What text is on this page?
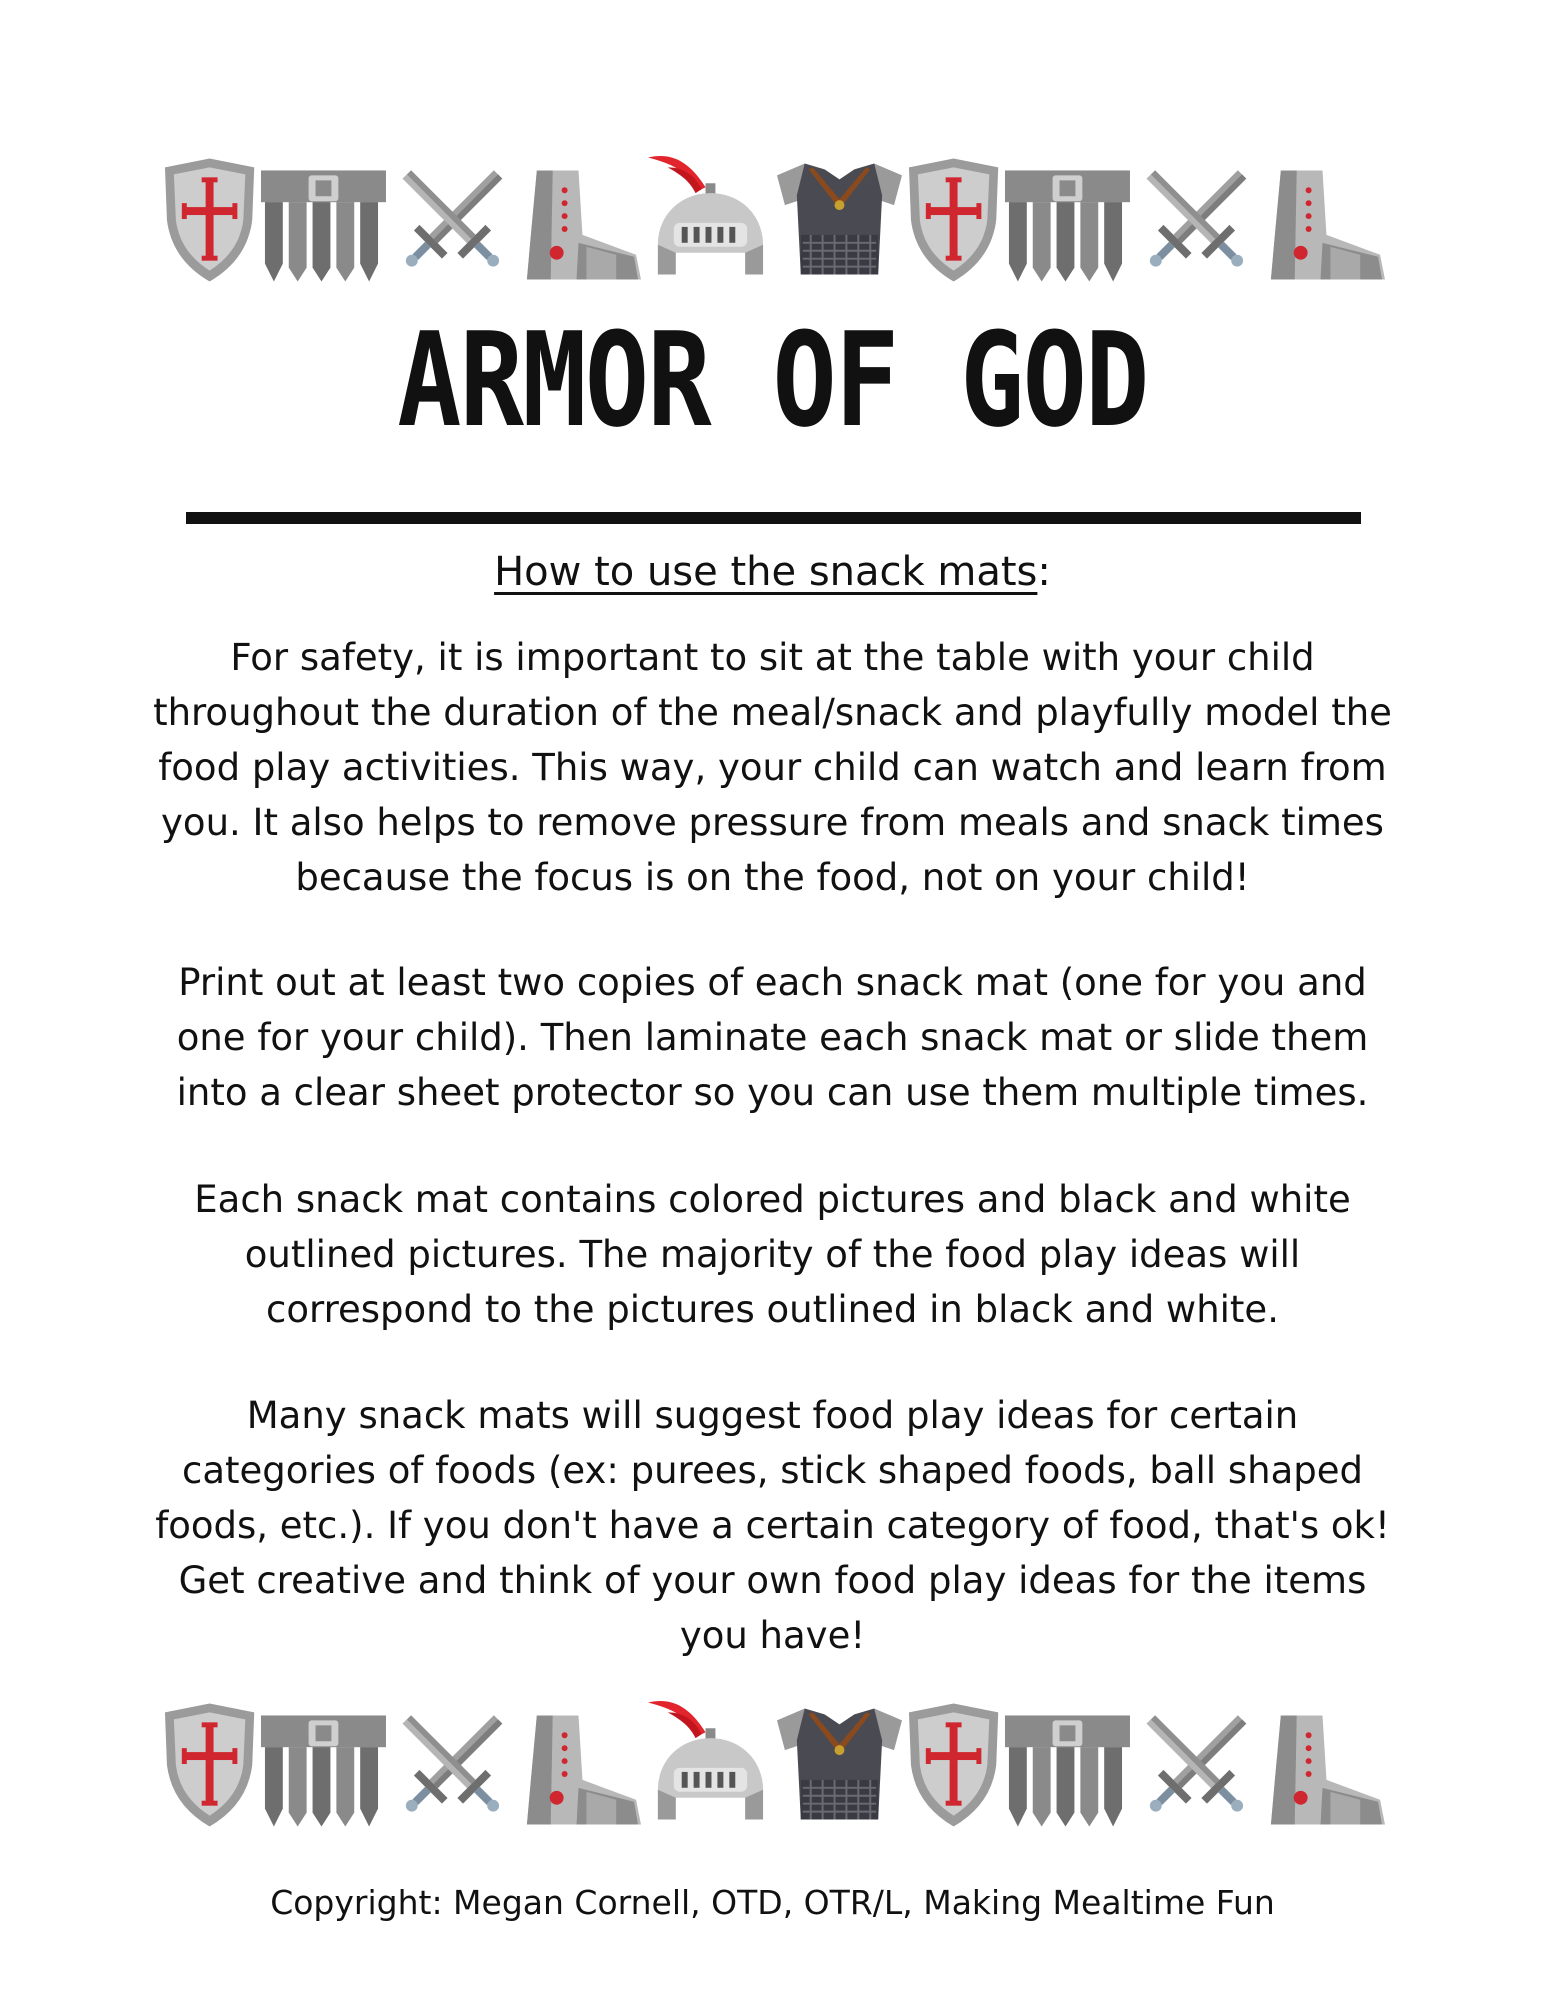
ARMOR OF GOD
How to use the snack mats:

For safety, it is important to sit at the table with your child throughout the duration of the meal/snack and playfully model the food play activities. This way, your child can watch and learn from you. It also helps to remove pressure from meals and snack times because the focus is on the food, not on your child!

Print out at least two copies of each snack mat (one for you and one for your child). Then laminate each snack mat or slide them into a clear sheet protector so you can use them multiple times.

Each snack mat contains colored pictures and black and white outlined pictures. The majority of the food play ideas will correspond to the pictures outlined in black and white.

Many snack mats will suggest food play ideas for certain categories of foods (ex: purees, stick shaped foods, ball shaped foods, etc.). If you don't have a certain category of food, that's ok! Get creative and think of your own food play ideas for the items you have!

Copyright: Megan Cornell, OTD, OTR/L, Making Mealtime Fun
